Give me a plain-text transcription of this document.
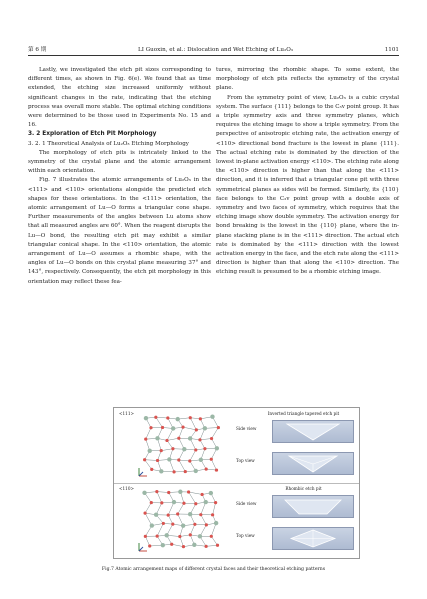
第 6 期	LI Guoxin, et al.: Dislocation and Wet Etching of Lu₂O₃	1101

Lastly, we investigated the etch pit sizes corresponding to different times, as shown in Fig. 6(e). We found that as time extended, the etching size increased uniformly without significant changes in the rate, indicating that the etching process was overall more stable. The optimal etching conditions were determined to be those used in Experiments No. 15 and 16.

3. 2 Exploration of Etch Pit Morphology

3. 2. 1 Theoretical Analysis of Lu₂O₃ Etching Morphology

The morphology of etch pits is intricately linked to the symmetry of the crystal plane and the atomic arrangement within each orientation.

Fig. 7 illustrates the atomic arrangements of Lu₂O₃ in the <111> and <110> orientations alongside the predicted etch shapes for these orientations. In the <111> orientation, the atomic arrangement of Lu—O forms a triangular cone shape. Further measurements of the angles between Lu atoms show that all measured angles are 60°. When the reagent disrupts the Lu—O bond, the resulting etch pit may exhibit a similar triangular conical shape. In the <110> orientation, the atomic arrangement of Lu—O assumes a rhombic shape, with the angles of Lu—O bonds on this crystal plane measuring 37° and 143°, respectively. Consequently, the etch pit morphology in this orientation may reflect these fea-

tures, mirroring the rhombic shape. To some extent, the morphology of etch pits reflects the symmetry of the crystal plane.

From the symmetry point of view, Lu₂O₃ is a cubic crystal system. The surface {111} belongs to the C₃v point group. It has a triple symmetry axis and three symmetry planes, which requires the etching image to show a triple symmetry. From the perspective of anisotropic etching rate, the activation energy of <110> directional bond fracture is the lowest in plane {111}. The actual etching rate is dominated by the direction of the lowest in-plane activation energy <110>. The etching rate along the <110> direction is higher than that along the <111> direction, and it is inferred that a triangular cone pit with three symmetrical planes as sides will be formed. Similarly, its {110} face belongs to the C₂v point group with a double axis of symmetry and two faces of symmetry, which requires that the etching image show double symmetry. The activation energy for bond breaking is the lowest in the {110} plane, where the in-plane stacking plane is in the <111> direction. The actual etch rate is dominated by the <111> direction with the lowest activation energy in the face, and the etch rate along the <111> direction is higher than that along the <110> direction. The etching result is presumed to be a rhombic etching image.

<111>	Inverted triangle tapered etch pit
Side view
Top view
<110>	Rhombic etch pit
Side view
Top view
Fig.7 Atomic arrangement maps of different crystal faces and their theoretical etching patterns
